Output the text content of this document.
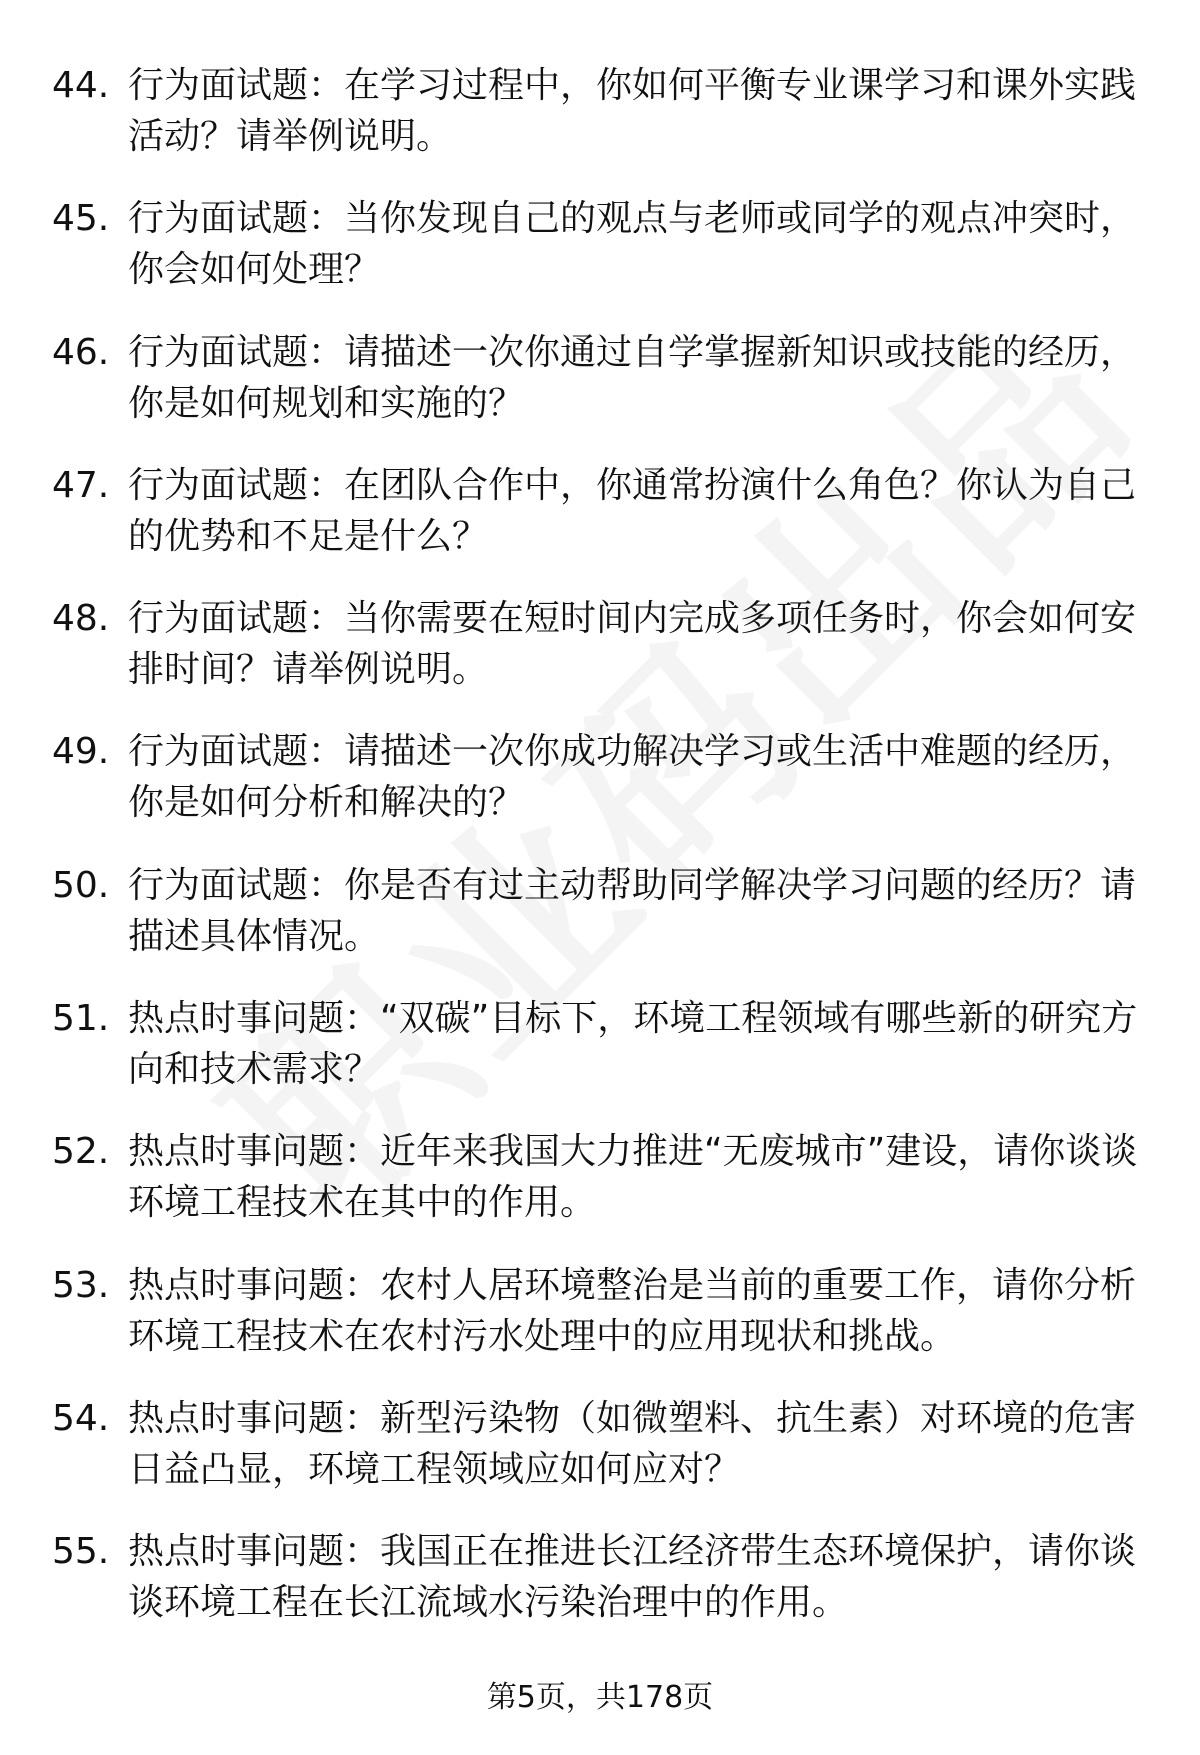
44. 行为面试题：在学习过程中，你如何平衡专业课学习和课外实践活动？请举例说明。
45. 行为面试题：当你发现自己的观点与老师或同学的观点冲突时，你会如何处理？
46. 行为面试题：请描述一次你通过自学掌握新知识或技能的经历，你是如何规划和实施的？
47. 行为面试题：在团队合作中，你通常扮演什么角色？你认为自己的优势和不足是什么？
48. 行为面试题：当你需要在短时间内完成多项任务时，你会如何安排时间？请举例说明。
49. 行为面试题：请描述一次你成功解决学习或生活中难题的经历，你是如何分析和解决的？
50. 行为面试题：你是否有过主动帮助同学解决学习问题的经历？请描述具体情况。
51. 热点时事问题：“双碳”目标下，环境工程领域有哪些新的研究方向和技术需求？
52. 热点时事问题：近年来我国大力推进“无废城市”建设，请你谈谈环境工程技术在其中的作用。
53. 热点时事问题：农村人居环境整治是当前的重要工作，请你分析环境工程技术在农村污水处理中的应用现状和挑战。
54. 热点时事问题：新型污染物（如微塑料、抗生素）对环境的危害日益凸显，环境工程领域应如何应对？
55. 热点时事问题：我国正在推进长江经济带生态环境保护，请你谈谈环境工程在长江流域水污染治理中的作用。
第5页，共178页
